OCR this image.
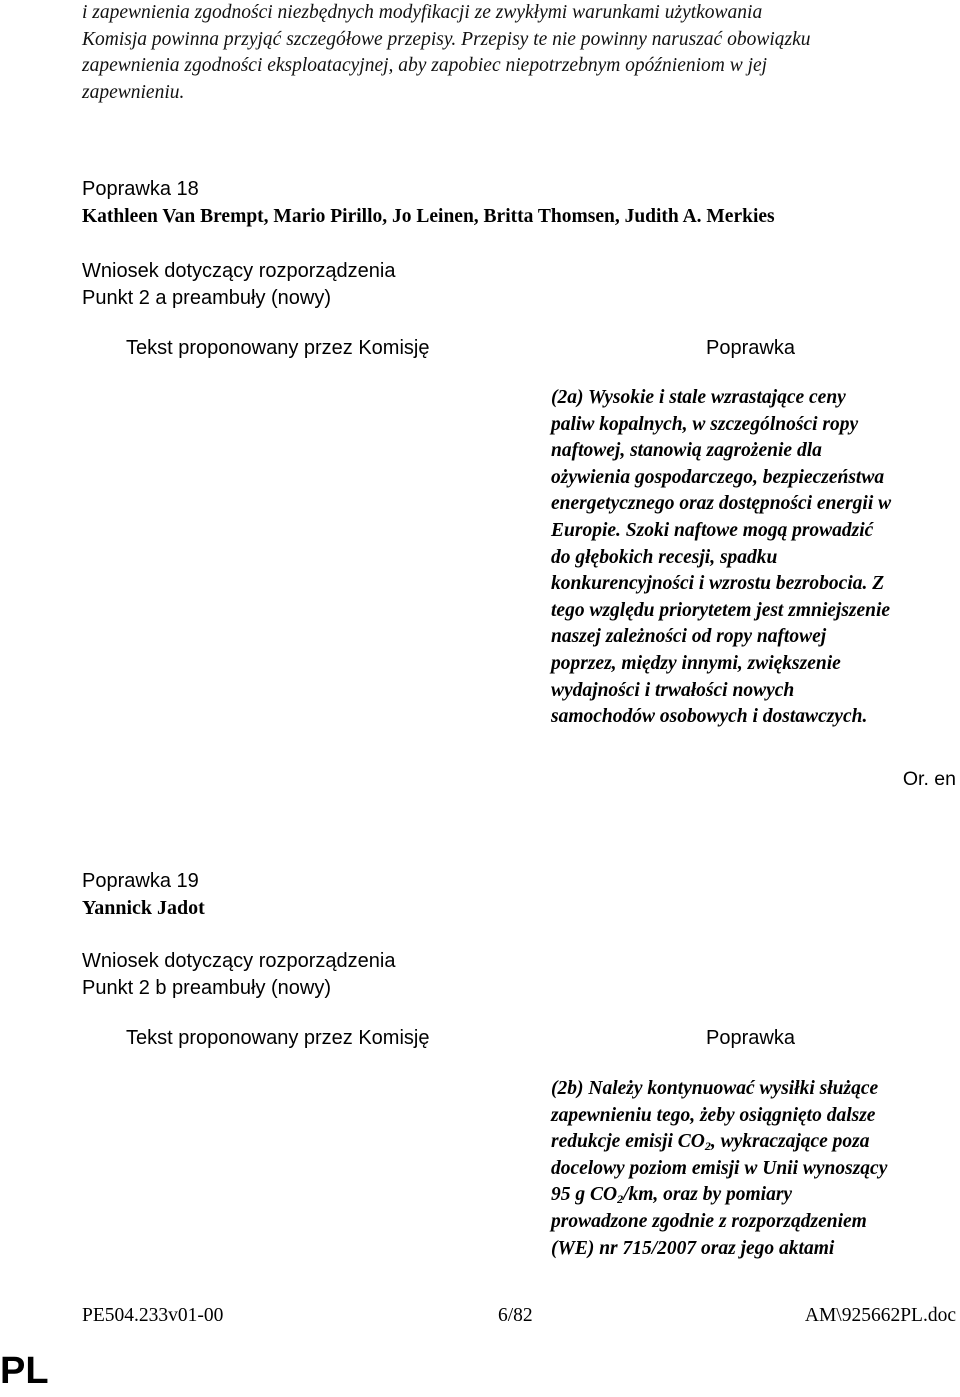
i zapewnienia zgodności niezbędnych modyfikacji ze zwykłymi warunkami użytkowania
Komisja powinna przyjąć szczegółowe przepisy. Przepisy te nie powinny naruszać obowiązku
zapewnienia zgodności eksploatacyjnej, aby zapobiec niepotrzebnym opóźnieniom w jej
zapewnieniu.
Poprawka 18
Kathleen Van Brempt, Mario Pirillo, Jo Leinen, Britta Thomsen, Judith A. Merkies
Wniosek dotyczący rozporządzenia
Punkt 2 a preambuły (nowy)
Tekst proponowany przez Komisję	Poprawka
(2a) Wysokie i stale wzrastające ceny
paliw kopalnych, w szczególności ropy
naftowej, stanowią zagrożenie dla
ożywienia gospodarczego, bezpieczeństwa
energetycznego oraz dostępności energii w
Europie. Szoki naftowe mogą prowadzić
do głębokich recesji, spadku
konkurencyjności i wzrostu bezrobocia. Z
tego względu priorytetem jest zmniejszenie
naszej zależności od ropy naftowej
poprzez, między innymi, zwiększenie
wydajności i trwałości nowych
samochodów osobowych i dostawczych.
Or. en
Poprawka 19
Yannick Jadot
Wniosek dotyczący rozporządzenia
Punkt 2 b preambuły (nowy)
Tekst proponowany przez Komisję	Poprawka
(2b) Należy kontynuować wysiłki służące
zapewnieniu tego, żeby osiągnięto dalsze
redukcje emisji $CO_2$, wykraczające poza
docelowy poziom emisji w Unii wynoszący
95 g $CO_2/km$, oraz by pomiary
prowadzone zgodnie z rozporządzeniem
(WE) nr 715/2007 oraz jego aktami
PE504.233v01-00	6/82	AM\925662PL.doc
PL
